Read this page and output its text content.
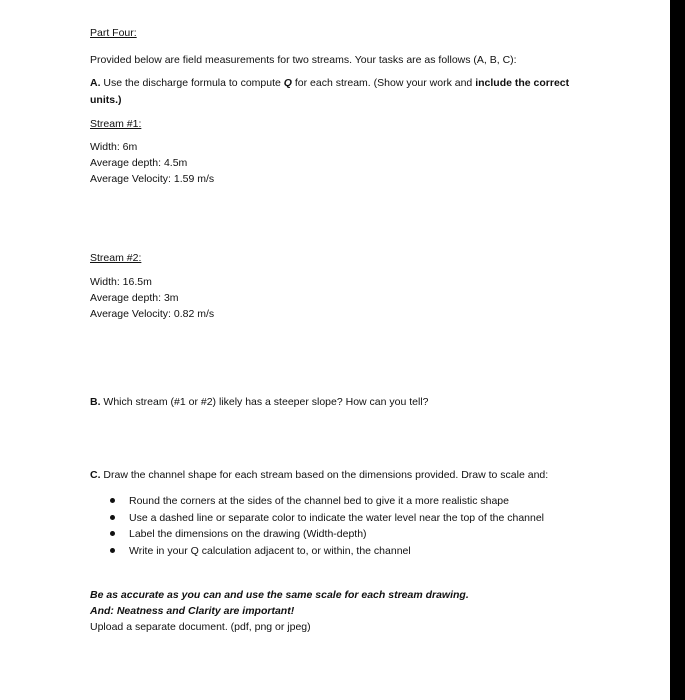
Part Four:
Provided below are field measurements for two streams. Your tasks are as follows (A, B, C):
A. Use the discharge formula to compute Q for each stream. (Show your work and include the correct
units.)
Stream #1:
Width: 6m
Average depth: 4.5m
Average Velocity: 1.59 m/s
Stream #2:
Width: 16.5m
Average depth: 3m
Average Velocity: 0.82 m/s
B. Which stream (#1 or #2) likely has a steeper slope? How can you tell?
C. Draw the channel shape for each stream based on the dimensions provided. Draw to scale and:
Round the corners at the sides of the channel bed to give it a more realistic shape
Use a dashed line or separate color to indicate the water level near the top of the channel
Label the dimensions on the drawing (Width-depth)
Write in your Q calculation adjacent to, or within, the channel
Be as accurate as you can and use the same scale for each stream drawing.
And: Neatness and Clarity are important!
Upload a separate document. (pdf, png or jpeg)
